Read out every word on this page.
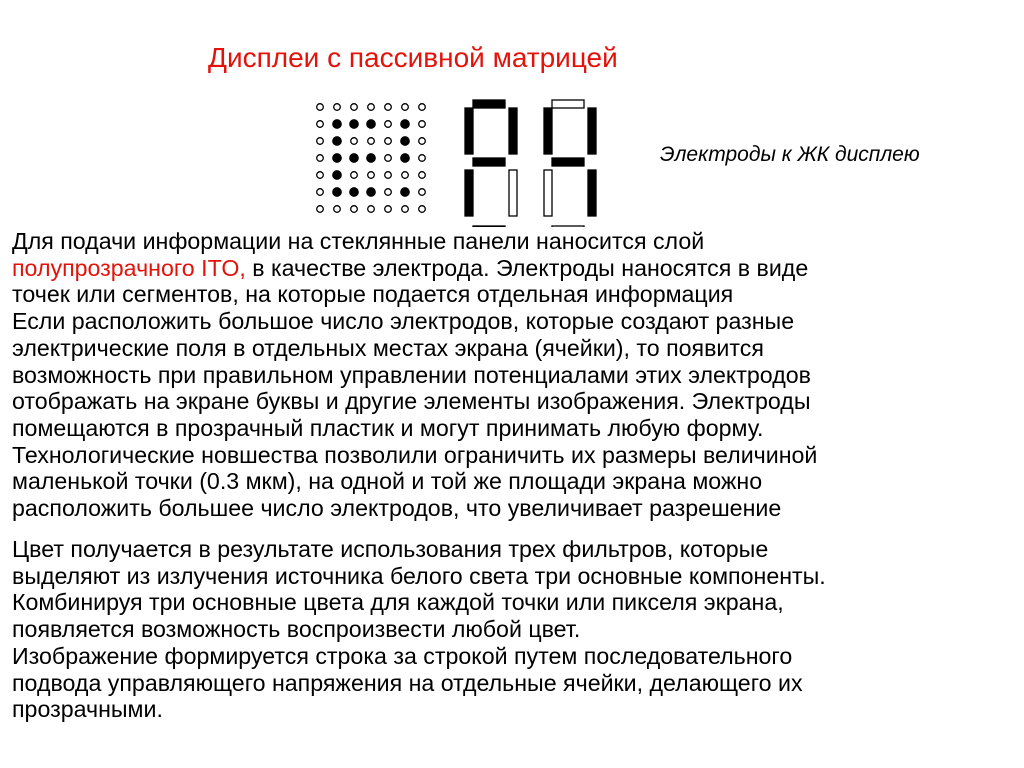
Дисплеи с пассивной матрицей
Электроды к ЖК дисплею
Для подачи информации на стеклянные панели наносится слой
полупрозрачного ITO, в качестве электрода. Электроды наносятся в виде
точек или сегментов, на которые подается отдельная информация
Если расположить большое число электродов, которые создают разные
электрические поля в отдельных местах экрана (ячейки), то появится
возможность при правильном управлении потенциалами этих электродов
отображать на экране буквы и другие элементы изображения. Электроды
помещаются в прозрачный пластик и могут принимать любую форму.
Технологические новшества позволили ограничить их размеры величиной
маленькой точки (0.3 мкм), на одной и той же площади экрана можно
расположить большее число электродов, что увеличивает разрешение
Цвет получается в результате использования трех фильтров, которые
выделяют из излучения источника белого света три основные компоненты.
Комбинируя три основные цвета для каждой точки или пикселя экрана,
появляется возможность воспроизвести любой цвет.
Изображение формируется строка за строкой путем последовательного
подвода управляющего напряжения на отдельные ячейки, делающего их
прозрачными.
